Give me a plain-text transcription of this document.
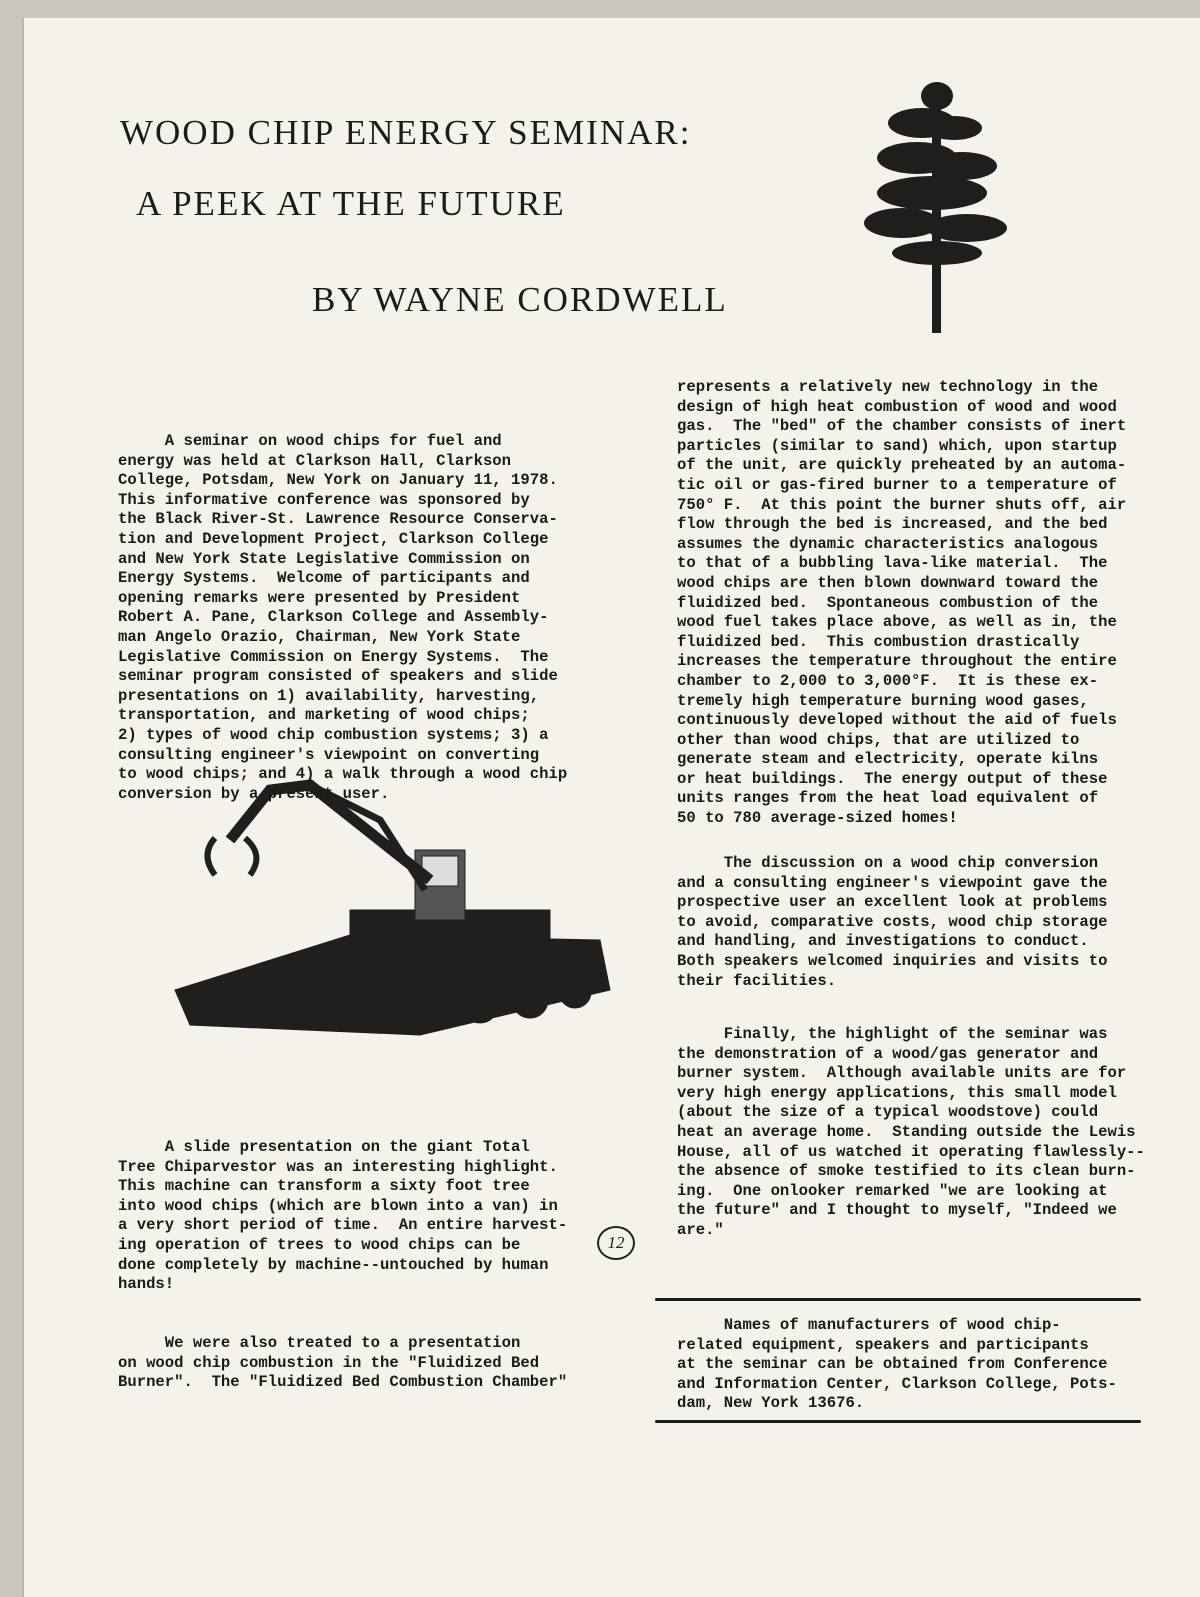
WOOD CHIP ENERGY SEMINAR:
A PEEK AT THE FUTURE
BY WAYNE CORDWELL
A seminar on wood chips for fuel and
energy was held at Clarkson Hall, Clarkson
College, Potsdam, New York on January 11, 1978.
This informative conference was sponsored by
the Black River-St. Lawrence Resource Conserva-
tion and Development Project, Clarkson College
and New York State Legislative Commission on
Energy Systems.  Welcome of participants and
opening remarks were presented by President
Robert A. Pane, Clarkson College and Assembly-
man Angelo Orazio, Chairman, New York State
Legislative Commission on Energy Systems.  The
seminar program consisted of speakers and slide
presentations on 1) availability, harvesting,
transportation, and marketing of wood chips;
2) types of wood chip combustion systems; 3) a
consulting engineer's viewpoint on converting
to wood chips; and 4) a walk through a wood chip
conversion by a present user.
A slide presentation on the giant Total
Tree Chiparvestor was an interesting highlight.
This machine can transform a sixty foot tree
into wood chips (which are blown into a van) in
a very short period of time.  An entire harvest-
ing operation of trees to wood chips can be
done completely by machine--untouched by human
hands!
We were also treated to a presentation
on wood chip combustion in the "Fluidized Bed
Burner".  The "Fluidized Bed Combustion Chamber"
represents a relatively new technology in the
design of high heat combustion of wood and wood
gas.  The "bed" of the chamber consists of inert
particles (similar to sand) which, upon startup
of the unit, are quickly preheated by an automa-
tic oil or gas-fired burner to a temperature of
750° F.  At this point the burner shuts off, air
flow through the bed is increased, and the bed
assumes the dynamic characteristics analogous
to that of a bubbling lava-like material.  The
wood chips are then blown downward toward the
fluidized bed.  Spontaneous combustion of the
wood fuel takes place above, as well as in, the
fluidized bed.  This combustion drastically
increases the temperature throughout the entire
chamber to 2,000 to 3,000°F.  It is these ex-
tremely high temperature burning wood gases,
continuously developed without the aid of fuels
other than wood chips, that are utilized to
generate steam and electricity, operate kilns
or heat buildings.  The energy output of these
units ranges from the heat load equivalent of
50 to 780 average-sized homes!
The discussion on a wood chip conversion
and a consulting engineer's viewpoint gave the
prospective user an excellent look at problems
to avoid, comparative costs, wood chip storage
and handling, and investigations to conduct.
Both speakers welcomed inquiries and visits to
their facilities.
Finally, the highlight of the seminar was
the demonstration of a wood/gas generator and
burner system.  Although available units are for
very high energy applications, this small model
(about the size of a typical woodstove) could
heat an average home.  Standing outside the Lewis
House, all of us watched it operating flawlessly--
the absence of smoke testified to its clean burn-
ing.  One onlooker remarked "we are looking at
the future" and I thought to myself, "Indeed we
are."
Names of manufacturers of wood chip-
related equipment, speakers and participants
at the seminar can be obtained from Conference
and Information Center, Clarkson College, Pots-
dam, New York 13676.
12
